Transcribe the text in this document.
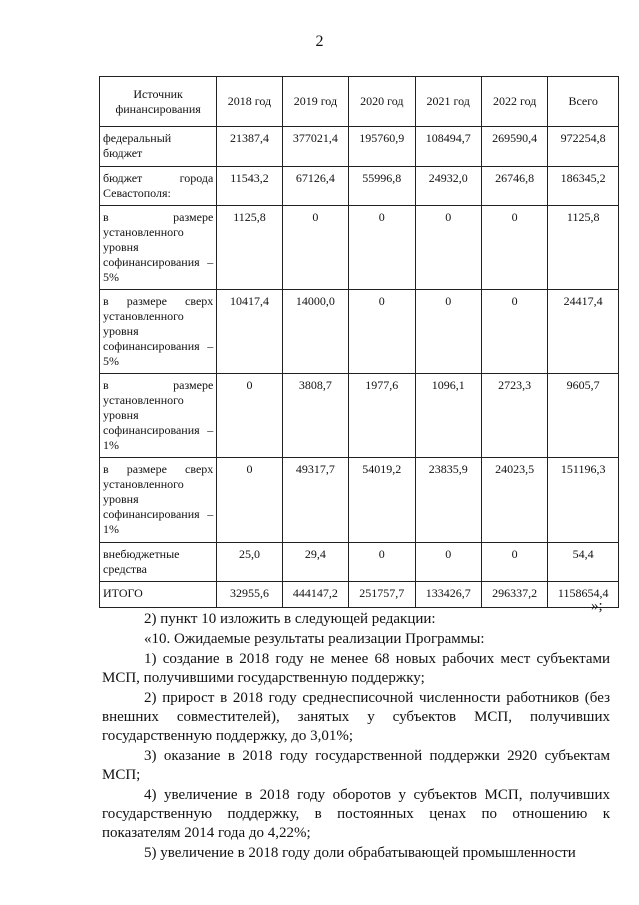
2
Источник финансирования	2018 год	2019 год	2020 год	2021 год	2022 год	Всего
федеральный бюджет	21387,4	377021,4	195760,9	108494,7	269590,4	972254,8
бюджет города Севастополя:	11543,2	67126,4	55996,8	24932,0	26746,8	186345,2
в размере установленного уровня софинансирования – 5%	1125,8	0	0	0	0	1125,8
в размере сверх установленного уровня софинансирования – 5%	10417,4	14000,0	0	0	0	24417,4
в размере установленного уровня софинансирования – 1%	0	3808,7	1977,6	1096,1	2723,3	9605,7
в размере сверх установленного уровня софинансирования – 1%	0	49317,7	54019,2	23835,9	24023,5	151196,3
внебюджетные средства	25,0	29,4	0	0	0	54,4
ИТОГО	32955,6	444147,2	251757,7	133426,7	296337,2	1158654,4
»;

2) пункт 10 изложить в следующей редакции:

«10. Ожидаемые результаты реализации Программы:

1) создание в 2018 году не менее 68 новых рабочих мест субъектами МСП, получившими государственную поддержку;

2) прирост в 2018 году среднесписочной численности работников (без внешних совместителей), занятых у субъектов МСП, получивших государственную поддержку, до 3,01%;

3) оказание в 2018 году государственной поддержки 2920 субъектам МСП;

4) увеличение в 2018 году оборотов у субъектов МСП, получивших государственную поддержку, в постоянных ценах по отношению к показателям 2014 года до 4,22%;

5) увеличение в 2018 году доли обрабатывающей промышленности
